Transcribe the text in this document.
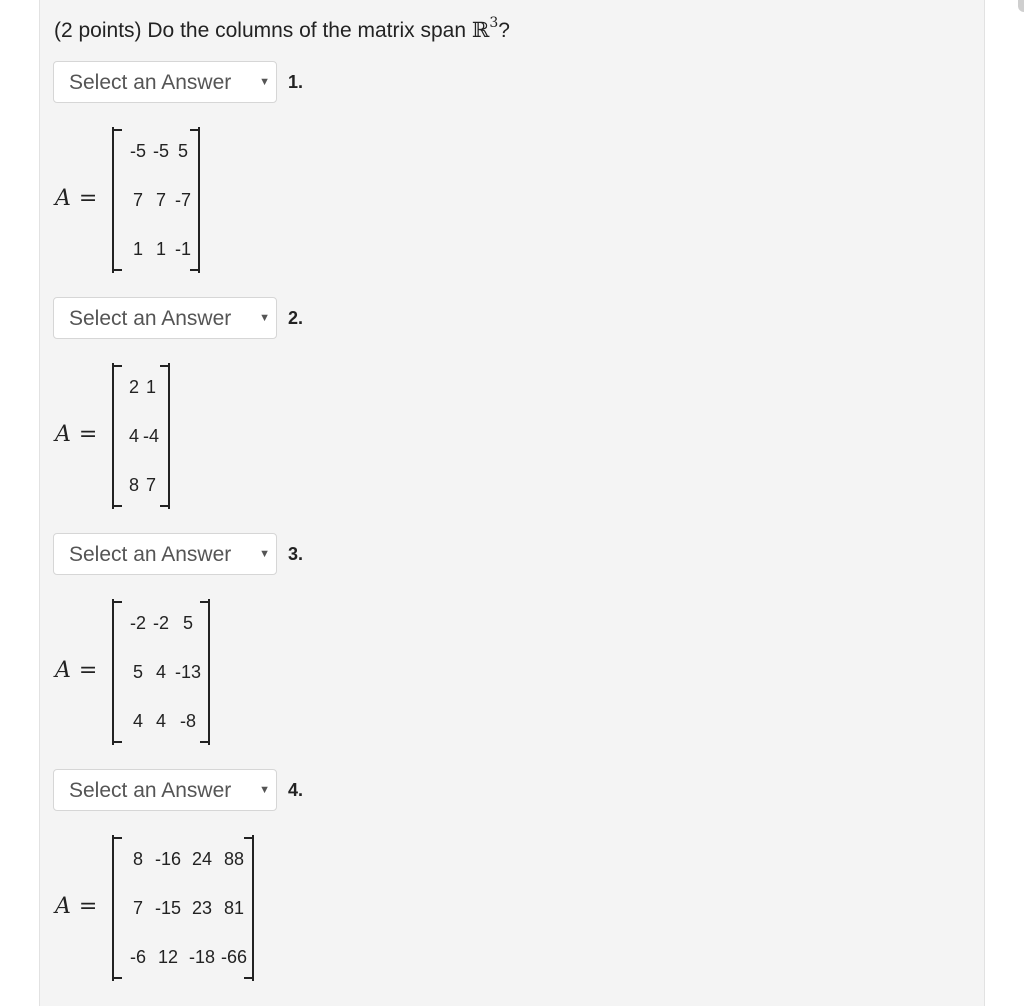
(2 points) Do the columns of the matrix span ℝ$^3$?
Select an Answer	▼ 1.
A =
-5 -5 5
7 7 -7
1 1 -1
Select an Answer	▼ 2.
A =
2 1
4 -4
8 7
Select an Answer	▼ 3.
A =
-2 -2 5
5 4 -13
4 4 -8
Select an Answer	▼ 4.
A =
8 -16 24 88
7 -15 23 81
-6 12 -18 -66
